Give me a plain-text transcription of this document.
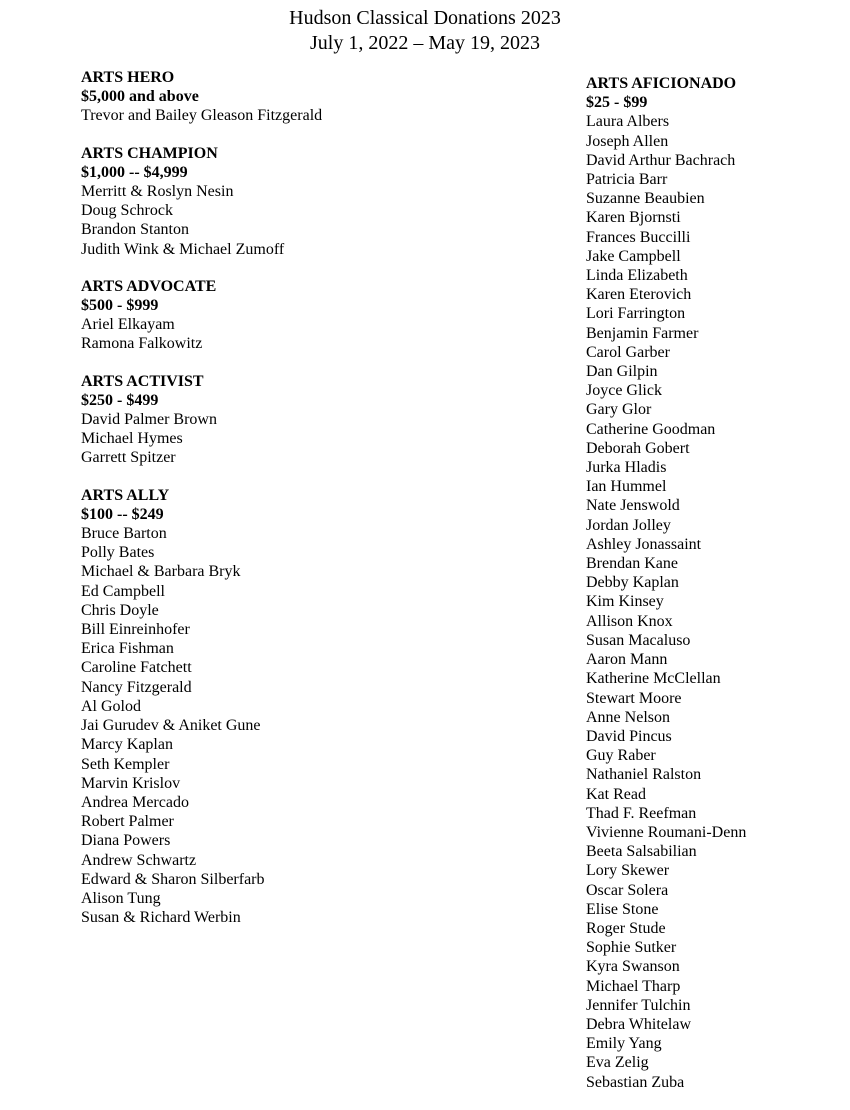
Hudson Classical Donations 2023
July 1, 2022 – May 19, 2023
ARTS HERO
$5,000 and above
Trevor and Bailey Gleason Fitzgerald
ARTS CHAMPION
$1,000 -- $4,999
Merritt & Roslyn Nesin
Doug Schrock
Brandon Stanton
Judith Wink & Michael Zumoff
ARTS ADVOCATE
$500 - $999
Ariel Elkayam
Ramona Falkowitz
ARTS ACTIVIST
$250 - $499
David Palmer Brown
Michael Hymes
Garrett Spitzer
ARTS ALLY
$100 -- $249
Bruce Barton
Polly Bates
Michael & Barbara Bryk
Ed Campbell
Chris Doyle
Bill Einreinhofer
Erica Fishman
Caroline Fatchett
Nancy Fitzgerald
Al Golod
Jai Gurudev & Aniket Gune
Marcy Kaplan
Seth Kempler
Marvin Krislov
Andrea Mercado
Robert Palmer
Diana Powers
Andrew Schwartz
Edward & Sharon Silberfarb
Alison Tung
Susan & Richard Werbin
ARTS AFICIONADO
$25 - $99
Laura Albers
Joseph Allen
David Arthur Bachrach
Patricia Barr
Suzanne Beaubien
Karen Bjornsti
Frances Buccilli
Jake Campbell
Linda Elizabeth
Karen Eterovich
Lori Farrington
Benjamin Farmer
Carol Garber
Dan Gilpin
Joyce Glick
Gary Glor
Catherine Goodman
Deborah Gobert
Jurka Hladis
Ian Hummel
Nate Jenswold
Jordan Jolley
Ashley Jonassaint
Brendan Kane
Debby Kaplan
Kim Kinsey
Allison Knox
Susan Macaluso
Aaron Mann
Katherine McClellan
Stewart Moore
Anne Nelson
David Pincus
Guy Raber
Nathaniel Ralston
Kat Read
Thad F. Reefman
Vivienne Roumani-Denn
Beeta Salsabilian
Lory Skewer
Oscar Solera
Elise Stone
Roger Stude
Sophie Sutker
Kyra Swanson
Michael Tharp
Jennifer Tulchin
Debra Whitelaw
Emily Yang
Eva Zelig
Sebastian Zuba
